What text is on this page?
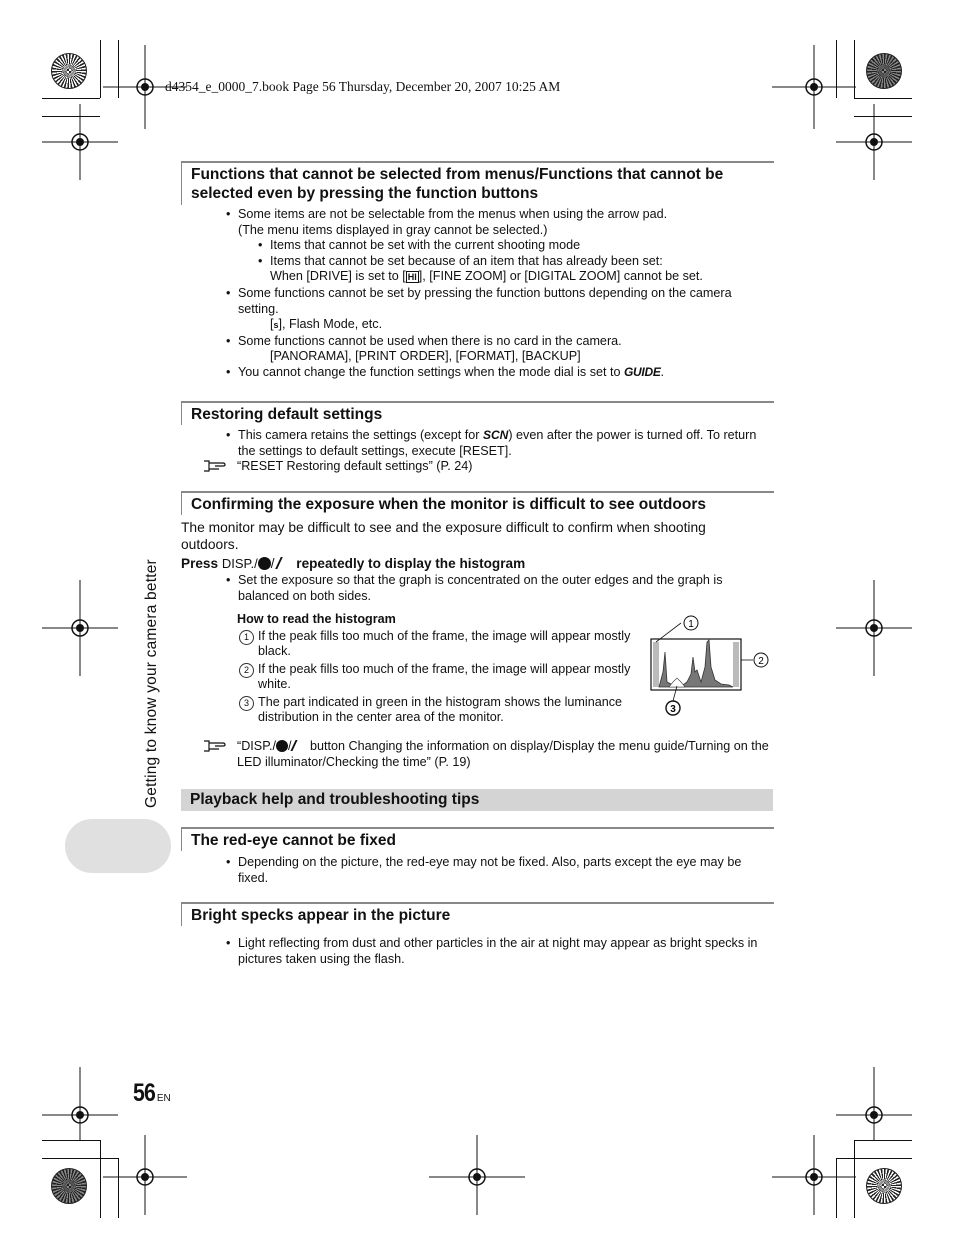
d4354_e_0000_7.book Page 56 Thursday, December 20, 2007 10:25 AM
Getting to know your camera better
Functions that cannot be selected from menus/Functions that cannot be selected even by pressing the function buttons
• Some items are not be selectable from the menus when using the arrow pad.
(The menu items displayed in gray cannot be selected.)
• Items that cannot be set with the current shooting mode
• Items that cannot be set because of an item that has already been set:
When [DRIVE] is set to [ HI ], [FINE ZOOM] or [DIGITAL ZOOM] cannot be set.
• Some functions cannot be set by pressing the function buttons depending on the camera setting.
[s], Flash Mode, etc.
• Some functions cannot be used when there is no card in the camera.
[PANORAMA], [PRINT ORDER], [FORMAT], [BACKUP]
• You cannot change the function settings when the mode dial is set to GUIDE.
Restoring default settings
• This camera retains the settings (except for SCN) even after the power is turned off. To return the settings to default settings, execute [RESET].
“RESET Restoring default settings” (P. 24)
Confirming the exposure when the monitor is difficult to see outdoors
The monitor may be difficult to see and the exposure difficult to confirm when shooting outdoors.
Press DISP./ / repeatedly to display the histogram
• Set the exposure so that the graph is concentrated on the outer edges and the graph is balanced on both sides.
How to read the histogram
1 If the peak fills too much of the frame, the image will appear mostly black.
2 If the peak fills too much of the frame, the image will appear mostly white.
3 The part indicated in green in the histogram shows the luminance distribution in the center area of the monitor.
1
2
3
“DISP./ / button Changing the information on display/Display the menu guide/Turning on the LED illuminator/Checking the time” (P. 19)
Playback help and troubleshooting tips
The red-eye cannot be fixed
• Depending on the picture, the red-eye may not be fixed. Also, parts except the eye may be fixed.
Bright specks appear in the picture
• Light reflecting from dust and other particles in the air at night may appear as bright specks in pictures taken using the flash.
56 EN
